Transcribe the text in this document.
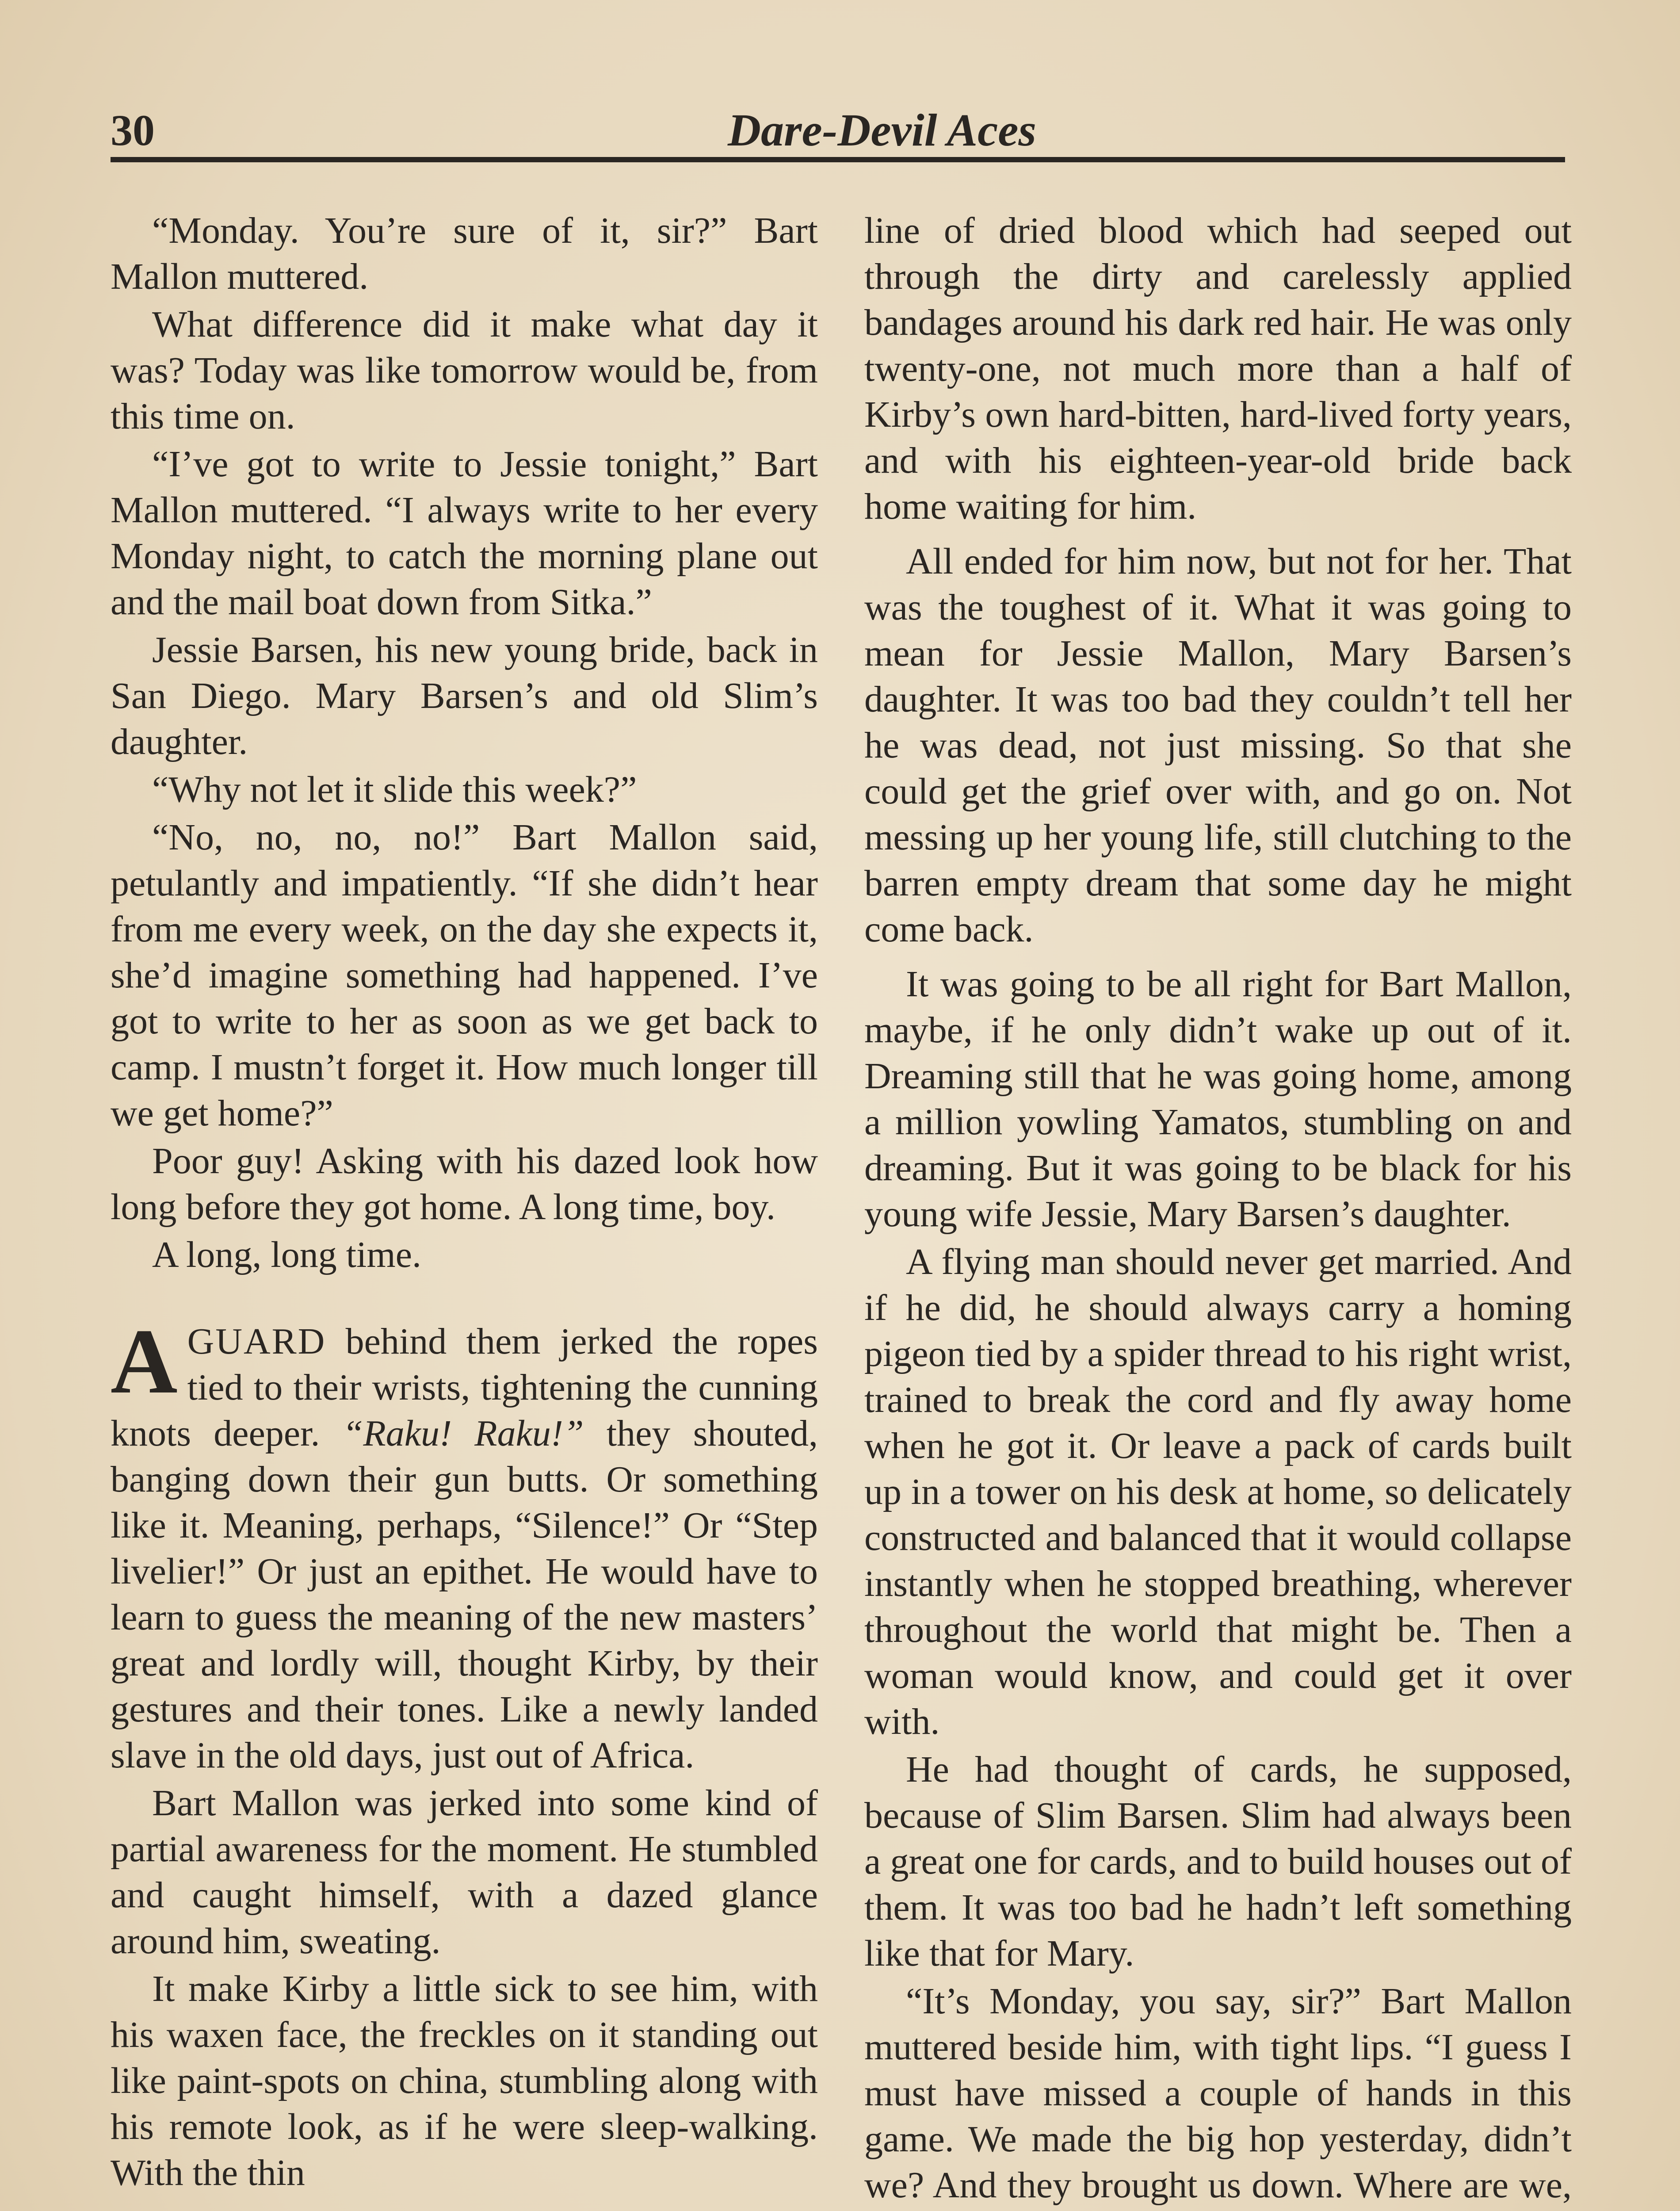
30	Dare-Devil Aces

“Monday. You’re sure of it, sir?” Bart Mallon muttered.

What difference did it make what day it was? Today was like tomorrow would be, from this time on.

“I’ve got to write to Jessie tonight,” Bart Mallon muttered. “I always write to her every Monday night, to catch the morning plane out and the mail boat down from Sitka.”

Jessie Barsen, his new young bride, back in San Diego. Mary Barsen’s and old Slim’s daughter.

“Why not let it slide this week?”

“No, no, no, no!” Bart Mallon said, petulantly and impatiently. “If she didn’t hear from me every week, on the day she expects it, she’d imagine something had happened. I’ve got to write to her as soon as we get back to camp. I mustn’t forget it. How much longer till we get home?”

Poor guy! Asking with his dazed look how long before they got home. A long time, boy.

A long, long time.

AGUARD behind them jerked the ropes tied to their wrists, tightening the cunning knots deeper. “Raku! Raku!” they shouted, banging down their gun butts. Or something like it. Meaning, perhaps, “Silence!” Or “Step livelier!” Or just an epithet. He would have to learn to guess the meaning of the new masters’ great and lordly will, thought Kirby, by their gestures and their tones. Like a newly landed slave in the old days, just out of Africa.

Bart Mallon was jerked into some kind of partial awareness for the moment. He stumbled and caught himself, with a dazed glance around him, sweating.

It make Kirby a little sick to see him, with his waxen face, the freckles on it standing out like paint-spots on china, stumbling along with his remote look, as if he were sleep-walking. With the thin

line of dried blood which had seeped out through the dirty and carelessly applied bandages around his dark red hair. He was only twenty-one, not much more than a half of Kirby’s own hard-bitten, hard-lived forty years, and with his eighteen-year-old bride back home waiting for him.

All ended for him now, but not for her. That was the toughest of it. What it was going to mean for Jessie Mallon, Mary Barsen’s daughter. It was too bad they couldn’t tell her he was dead, not just missing. So that she could get the grief over with, and go on. Not messing up her young life, still clutching to the barren empty dream that some day he might come back.

It was going to be all right for Bart Mallon, maybe, if he only didn’t wake up out of it. Dreaming still that he was going home, among a million yowling Yamatos, stumbling on and dreaming. But it was going to be black for his young wife Jessie, Mary Barsen’s daughter.

A flying man should never get married. And if he did, he should always carry a homing pigeon tied by a spider thread to his right wrist, trained to break the cord and fly away home when he got it. Or leave a pack of cards built up in a tower on his desk at home, so delicately constructed and balanced that it would collapse instantly when he stopped breathing, wherever throughout the world that might be. Then a woman would know, and could get it over with.

He had thought of cards, he supposed, because of Slim Barsen. Slim had always been a great one for cards, and to build houses out of them. It was too bad he hadn’t left something like that for Mary.

“It’s Monday, you say, sir?” Bart Mallon muttered beside him, with tight lips. “I guess I must have missed a couple of hands in this game. We made the big hop yesterday, didn’t we? And they brought us down. Where are we,
